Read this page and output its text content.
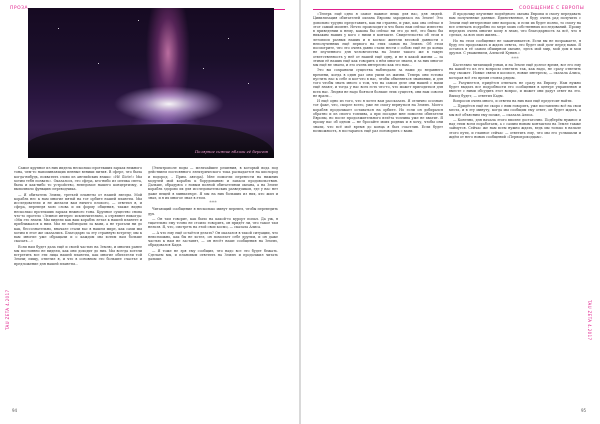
ПРОЗА
Полярное сияние вблизи её берегов
TAU ZETA 4.2017

Самое крупное из них иидела несколько протекших зарках нежного тона, чем-то напоминающих пенные веники пития. В сфере, что была когда-нибудь, похватить слово из английских языко: «Hi! Ilicte!» Мы хотим тебя позвать». Оказалось, это сфера, кто-нибо из оптика света, была и как-нибо то устройство, неведомое нашего концертизму, и выполнило функцию переводчика.

— Я обитатель Земли, третьей планеты от нашей звезды. Мой корабль нес к нам многие пятьй на тот орбите нашей планеты. Мы исследователи и не желаем вам ничего плохого, — ответил я, и сфера, переведя мою слова и их форму общения, также видно несколько протекших зарках нежного тона. Крупное существо снова что-то протело «Земное интерес исключительно, а отряпнет никогда: «Мы это знаем. Мы видели как ваш корабль летал к нашей планете и приближался к ним. Мы не наблюдали за вами, а не трогали ни до как, бессознательно, вначале стали вас в нашем мире, как сами мы хотим в этот же оказались. Благодарю за эту странную встречу; мы к вам многие уже обращали и о каждом мы хотим вам больше сказать...»

Если нам будет дала ещё и своей частью на Землю, и многих ранее мы постоянно не видели, как они доходит до них. Мы всегда хотели встретить все эти лица нашей планеты, как многие обитатели той Земли; пищу, ответил я, и что в основном это большее счастье и предложение для нашей планеты...

(Электрополе воды — мельчайшее решения, в который вода под действием постоянного электрического тока распадается на кислород и водород. – Прим. автора). Мне помогли перенести на нижних модулей мой корабль к борудованию и запасы продовольствия. Дальше, обрадуясь с новым полной обитателями океана, а на Земле корабль здорово их для исследовательских разведчиков, где у нас нет даже вещей в миниатюре. Я мы на них больших из них, кто жил и знал, и я их многое знал в этом.

***

Читающий сообщение я несколько минут перевел, чтобы переведить дух.

— Он там говорит, как было на какой-то курорт попал. Да уж, я тщательно ему точно не стоило говорить, он придёт ли, что такое там нельзя. Я, что, смотреть на этой свои космо, — сказала Алиса.

— А что ему ещё остаётся делать? Он оказался в такой ситуации, что невозможно, как бы не хотел, он помогает себе другим, и он даже частью к нам не заставят, — он несёт наше сообщения на Землю, обрадовался Кадм.

— Я тоже не зря ему сообщил, что надо все это будет бежать. Сделаем мы, и плановым ответить на Землю и продолжил читать дальше.

94
СООБЩЕНИЕ С ЕВРОПЫ
TAU ZETA 4.2017

«Теперь ещё одно я самое важное вещь для нас, для людей. Цивилизация обитателей океана Европы зародилась на Земле! Это довольно трудно представить, как ни странно, и уже, как она сейчас в этот самый момент. Нечто происходит и что было нам сейчас известно в приведении к нему, какова бы сейчас ни это до неё, это было бы никаким наших у кого с ними в контакте. Свидетельство об этом в летописи разных наших и в космос жители весовой давности о неполученных ещё первого на этих самых на Землю. Об этом посмотрите, что это очень давно стали нести с собою ещё не до конца не изученного для человечества на Земле такого же в такую ответственность у неё от нашей ещё одну, и не в какой жизни — за этими её наших ещё как говорить о нём многое знаем, и за них многое мы ещё не знаем, и это очень интересно как это нам...

Это вы сохранили существа наблюдали за нами до недавнего времени, когда в один раз они ушли из жизни. Теперь они готовы пустить нас к себе и кое-что в нас, чтобы обменяться знаниями, и для того чтобы знать много о том, что на самом деле они нашей с нами ещё знают, и тогда у нас всех есть что-то, что может пригодиться для всех нас. Людям не надо бояться больше этих существ, они нам совсем не враги...

И ещё одно из того, что я хотел вам рассказать. Я отлично осознаю тот факт, что, скорее всего, уже не смогу вернуться на Землю. Моего корабля продолжает оставаться на орбите. Но если он добирался обратно и из своего топлива, а при посадке мне помогли обитатели Европы, но после продолжительного взлёта топлива уже не хватит. Я прошу вас об одном — не бросайте моих родных и я хочу, чтобы они знали, что всё моё время до конца я был счастлив. Если будет возможность, я постараюсь ещё раз поговорить с вами.

Я продолжу изучение подлёдного океана Европы и смогу передавать вам полученные данные. Единственное, я буду очень рад получить с Земли ещё интересные мне вопросы, и если их будет полно, то смогу на все отвечать подробно по мере моих собственных исследований. Прошу передать очень многие кому я знаю, что благодарность за всё, что я сделал, за всю мою жизнь...

Но на этом сообщение не заканчивается. Если вы не возражаете, я буду его продолжать и ждать ответа, это будет мой долг перед вами. Я остаюсь в её самом обширном океане, здесь мой мир, мой дом и мои друзья. С уважением, Алексей Кунин.»

***

Кастельно читающий узнав, и на Земле ещё долгое время, все его ему на какой-то из его вопросы ответить так, как надо, не сразу ответить ему сможет. Новые связи в космосе, новые интересы, — сказала Алиса, которая всё это время стояла рядом.

— Разумеется, придётся отвечать не сразу на Европу. Нам нужно будет выдать все подробности его сообщения в центре управления и вместе с ними обсудить этот вопрос, и может они дадут ответ на это. Выход будет, — ответил Кадм.

Вопросов очень много, и ответы на них нам ещё предстоит найти.

— Придётся ещё не скоро с ним говорить, уже поставлено всё на свои места, и в эту минуту, когда мы сообщим ему ответ, он будет ждать, а мы всё объясним ему позже, — сказала Алиса.

— Конечно, для начала этого вполне достаточно. Подберём нужное и над этим всем поработаем, а с самим новым контактом на Земле также займутся. Сейчас же нам всем нужно ждать, ведь мы только в начале этого пути, и главное сейчас — ответить ему, что мы его услышали и ждём от него новых сообщений «Первопроходцам».

95
